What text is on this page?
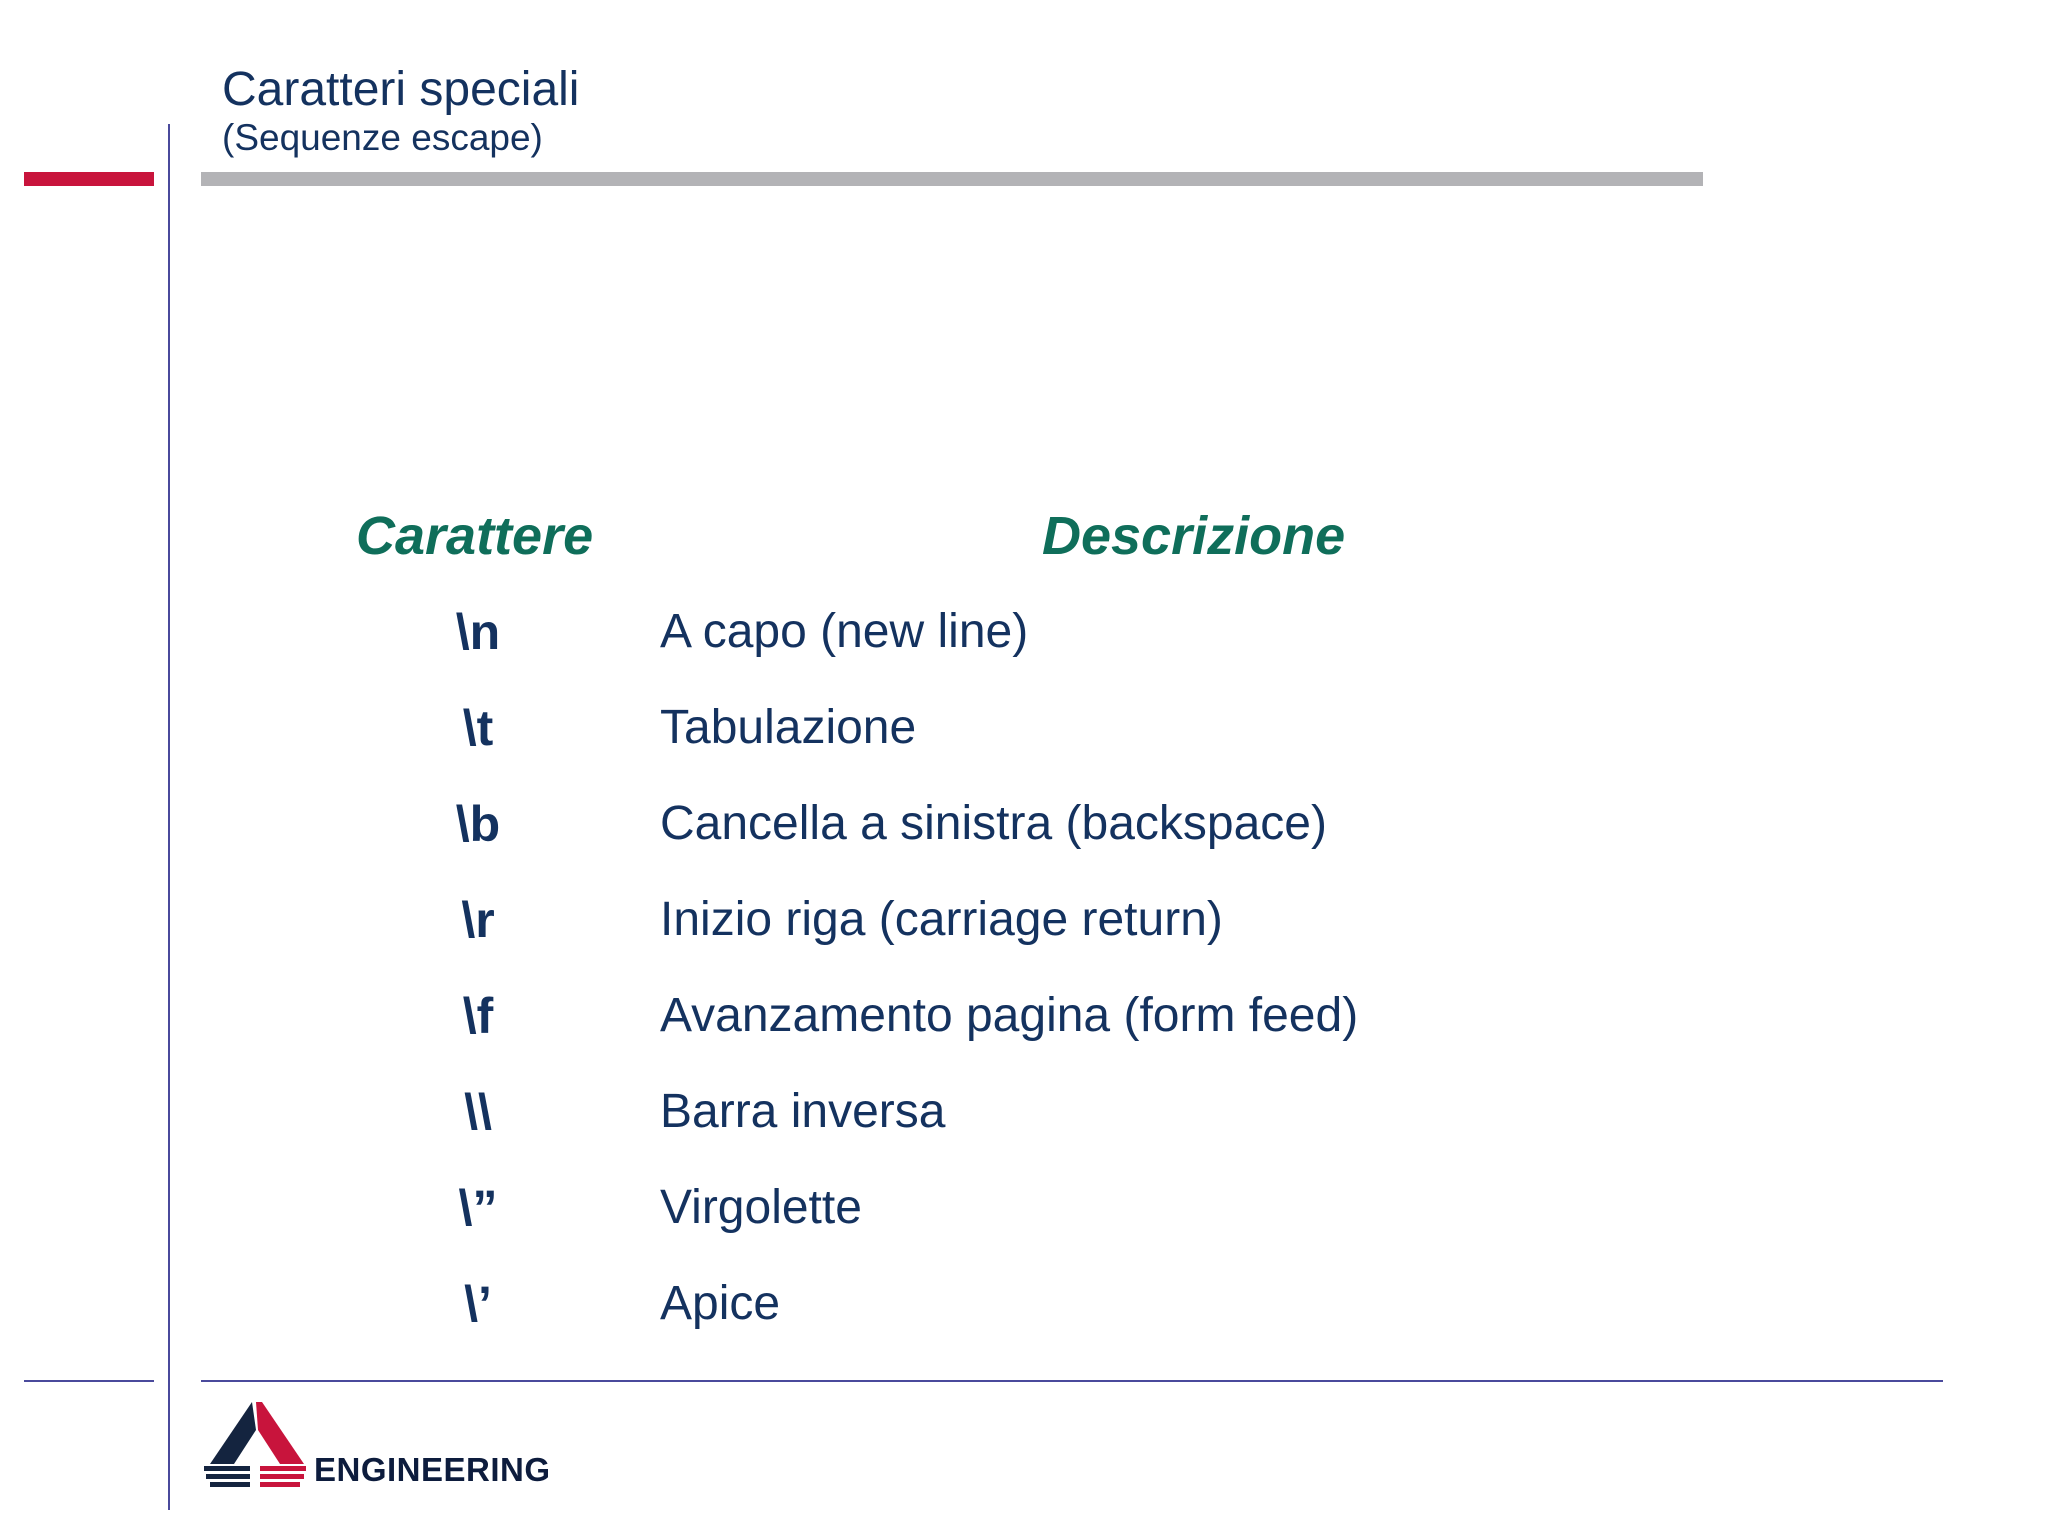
Caratteri speciali
(Sequenze escape)
Carattere	Descrizione
\n	A capo (new line)
\t	Tabulazione
\b	Cancella a sinistra (backspace)
\r	Inizio riga (carriage return)
\f	Avanzamento pagina (form feed)
\\	Barra inversa
\”	Virgolette
\’	Apice
ENGINEERING
